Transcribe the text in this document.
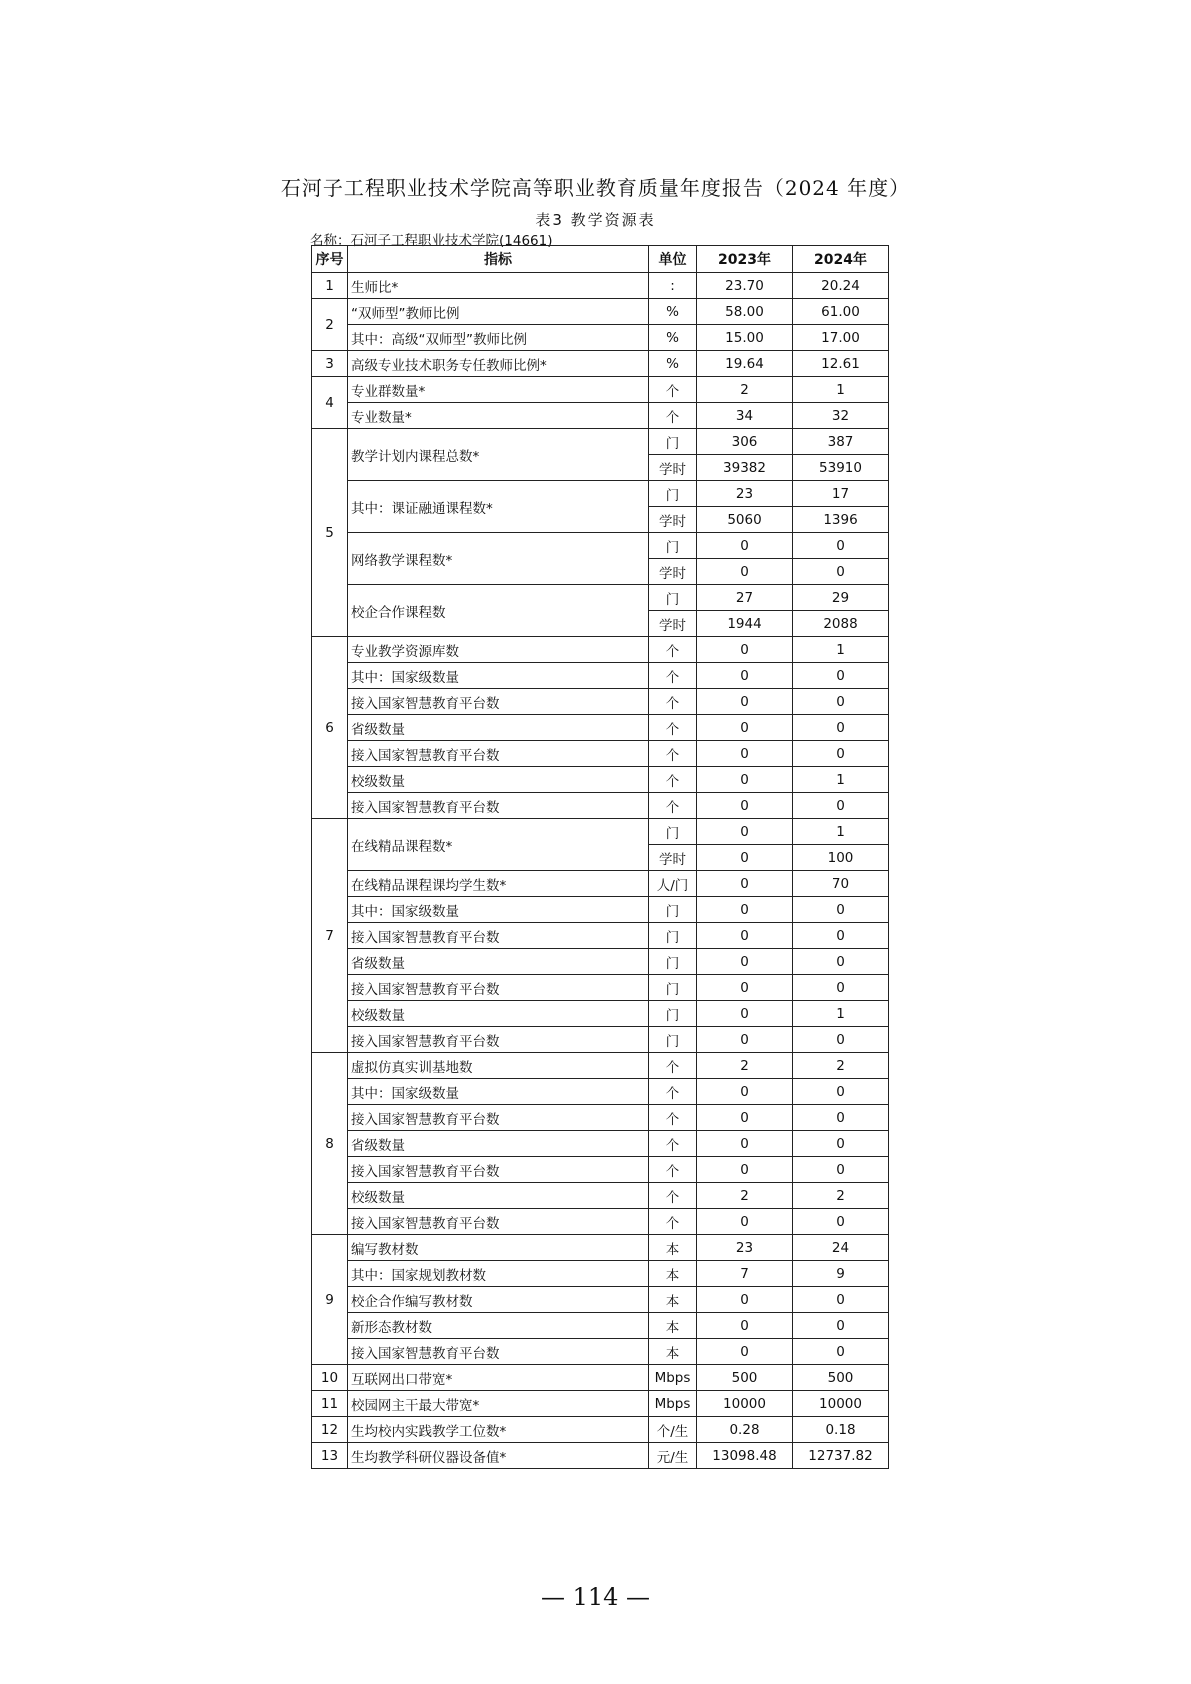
石河子工程职业技术学院高等职业教育质量年度报告（2024 年度）
表3 教学资源表
名称：石河子工程职业技术学院(14661)
序号	指标	单位	2023年	2024年
1	生师比*	:	23.70	20.24
2	“双师型”教师比例	%	58.00	61.00
	其中：高级“双师型”教师比例	%	15.00	17.00
3	高级专业技术职务专任教师比例*	%	19.64	12.61
4	专业群数量*	个	2	1
	专业数量*	个	34	32
5	教学计划内课程总数*	门	306	387
		学时	39382	53910
	其中：课证融通课程数*	门	23	17
		学时	5060	1396
	网络教学课程数*	门	0	0
		学时	0	0
	校企合作课程数	门	27	29
		学时	1944	2088
6	专业教学资源库数	个	0	1
	其中：国家级数量	个	0	0
	接入国家智慧教育平台数	个	0	0
	省级数量	个	0	0
	接入国家智慧教育平台数	个	0	0
	校级数量	个	0	1
	接入国家智慧教育平台数	个	0	0
7	在线精品课程数*	门	0	1
		学时	0	100
	在线精品课程课均学生数*	人/门	0	70
	其中：国家级数量	门	0	0
	接入国家智慧教育平台数	门	0	0
	省级数量	门	0	0
	接入国家智慧教育平台数	门	0	0
	校级数量	门	0	1
	接入国家智慧教育平台数	门	0	0
8	虚拟仿真实训基地数	个	2	2
	其中：国家级数量	个	0	0
	接入国家智慧教育平台数	个	0	0
	省级数量	个	0	0
	接入国家智慧教育平台数	个	0	0
	校级数量	个	2	2
	接入国家智慧教育平台数	个	0	0
9	编写教材数	本	23	24
	其中：国家规划教材数	本	7	9
	校企合作编写教材数	本	0	0
	新形态教材数	本	0	0
	接入国家智慧教育平台数	本	0	0
10	互联网出口带宽*	Mbps	500	500
11	校园网主干最大带宽*	Mbps	10000	10000
12	生均校内实践教学工位数*	个/生	0.28	0.18
13	生均教学科研仪器设备值*	元/生	13098.48	12737.82
— 114 —
